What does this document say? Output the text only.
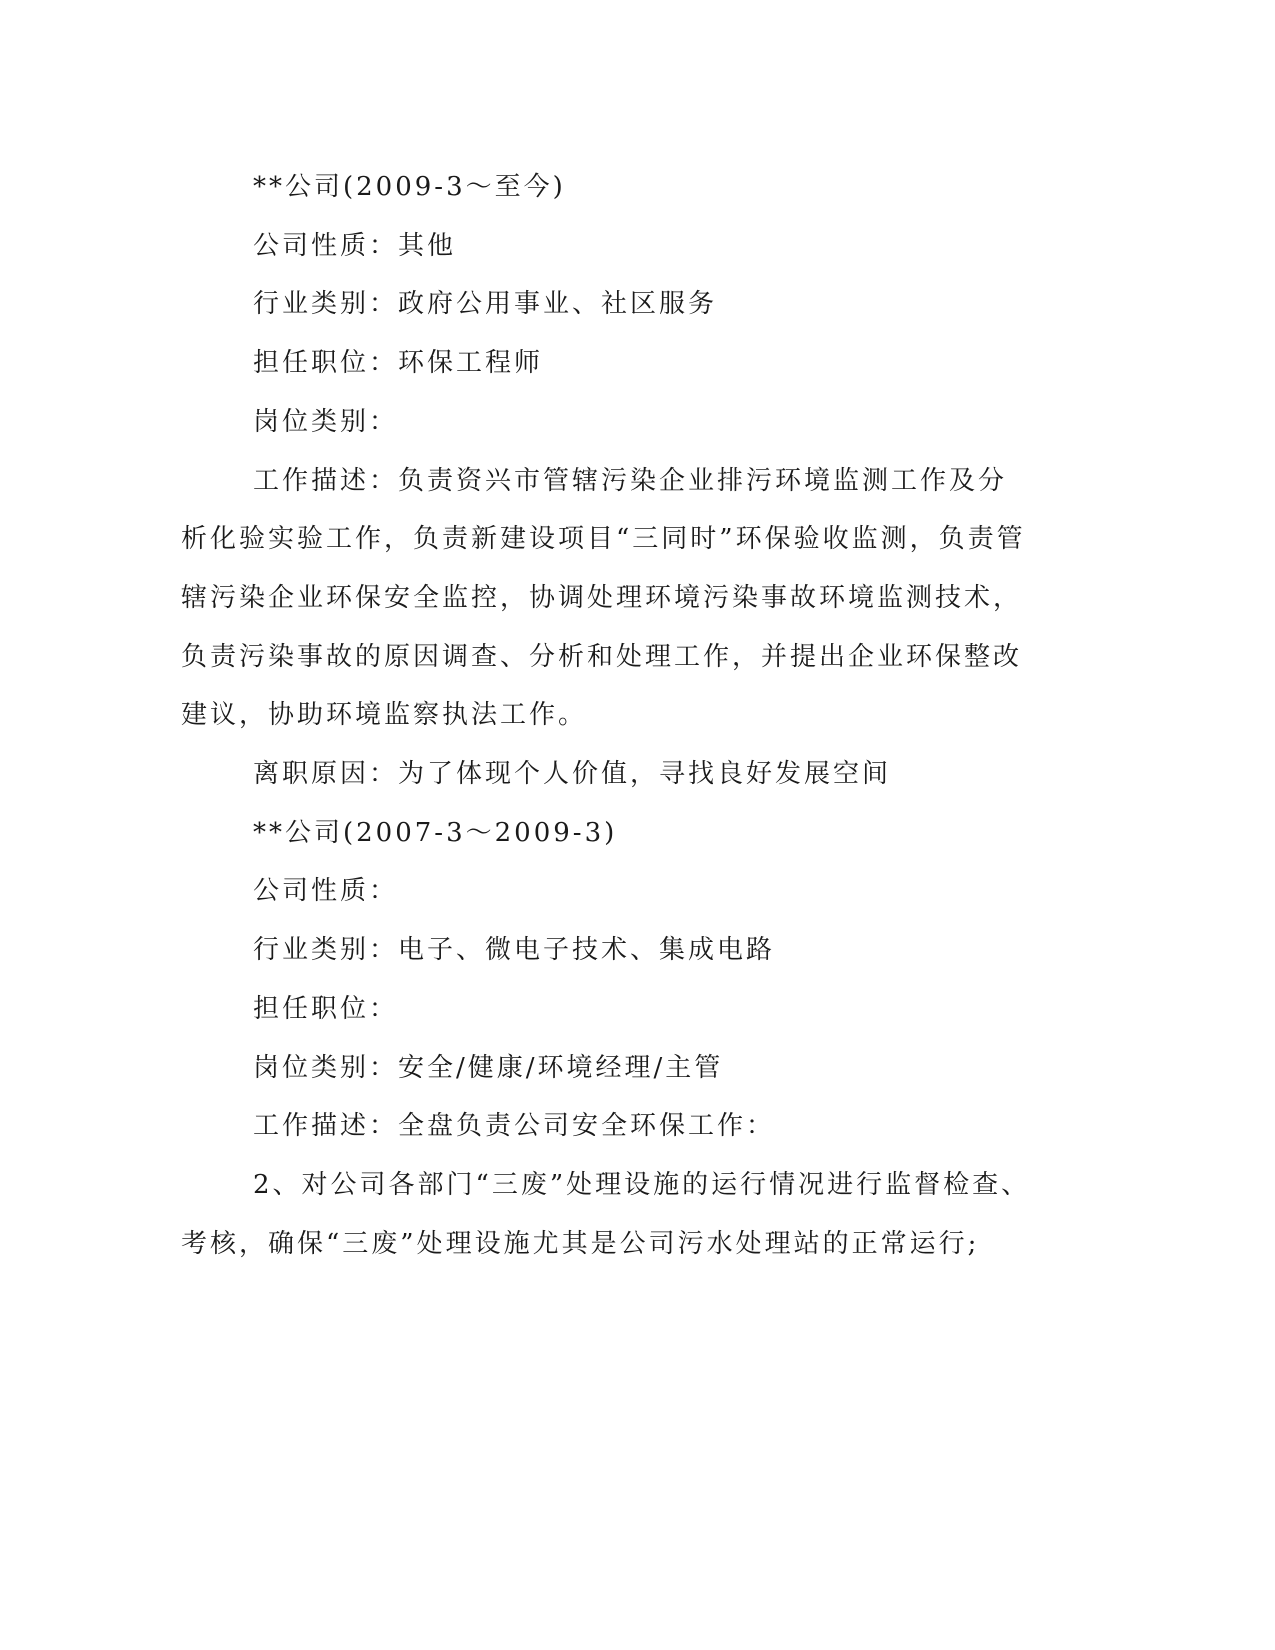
**公司(2009-3～至今)

公司性质：其他

行业类别：政府公用事业、社区服务

担任职位：环保工程师

岗位类别：

工作描述：负责资兴市管辖污染企业排污环境监测工作及分析化验实验工作，负责新建设项目“三同时”环保验收监测，负责管辖污染企业环保安全监控，协调处理环境污染事故环境监测技术，负责污染事故的原因调查、分析和处理工作，并提出企业环保整改建议，协助环境监察执法工作。

离职原因：为了体现个人价值，寻找良好发展空间

**公司(2007-3～2009-3)

公司性质：

行业类别：电子、微电子技术、集成电路

担任职位：

岗位类别：安全/健康/环境经理/主管

工作描述：全盘负责公司安全环保工作：

2、对公司各部门“三废”处理设施的运行情况进行监督检查、考核，确保“三废”处理设施尤其是公司污水处理站的正常运行;
